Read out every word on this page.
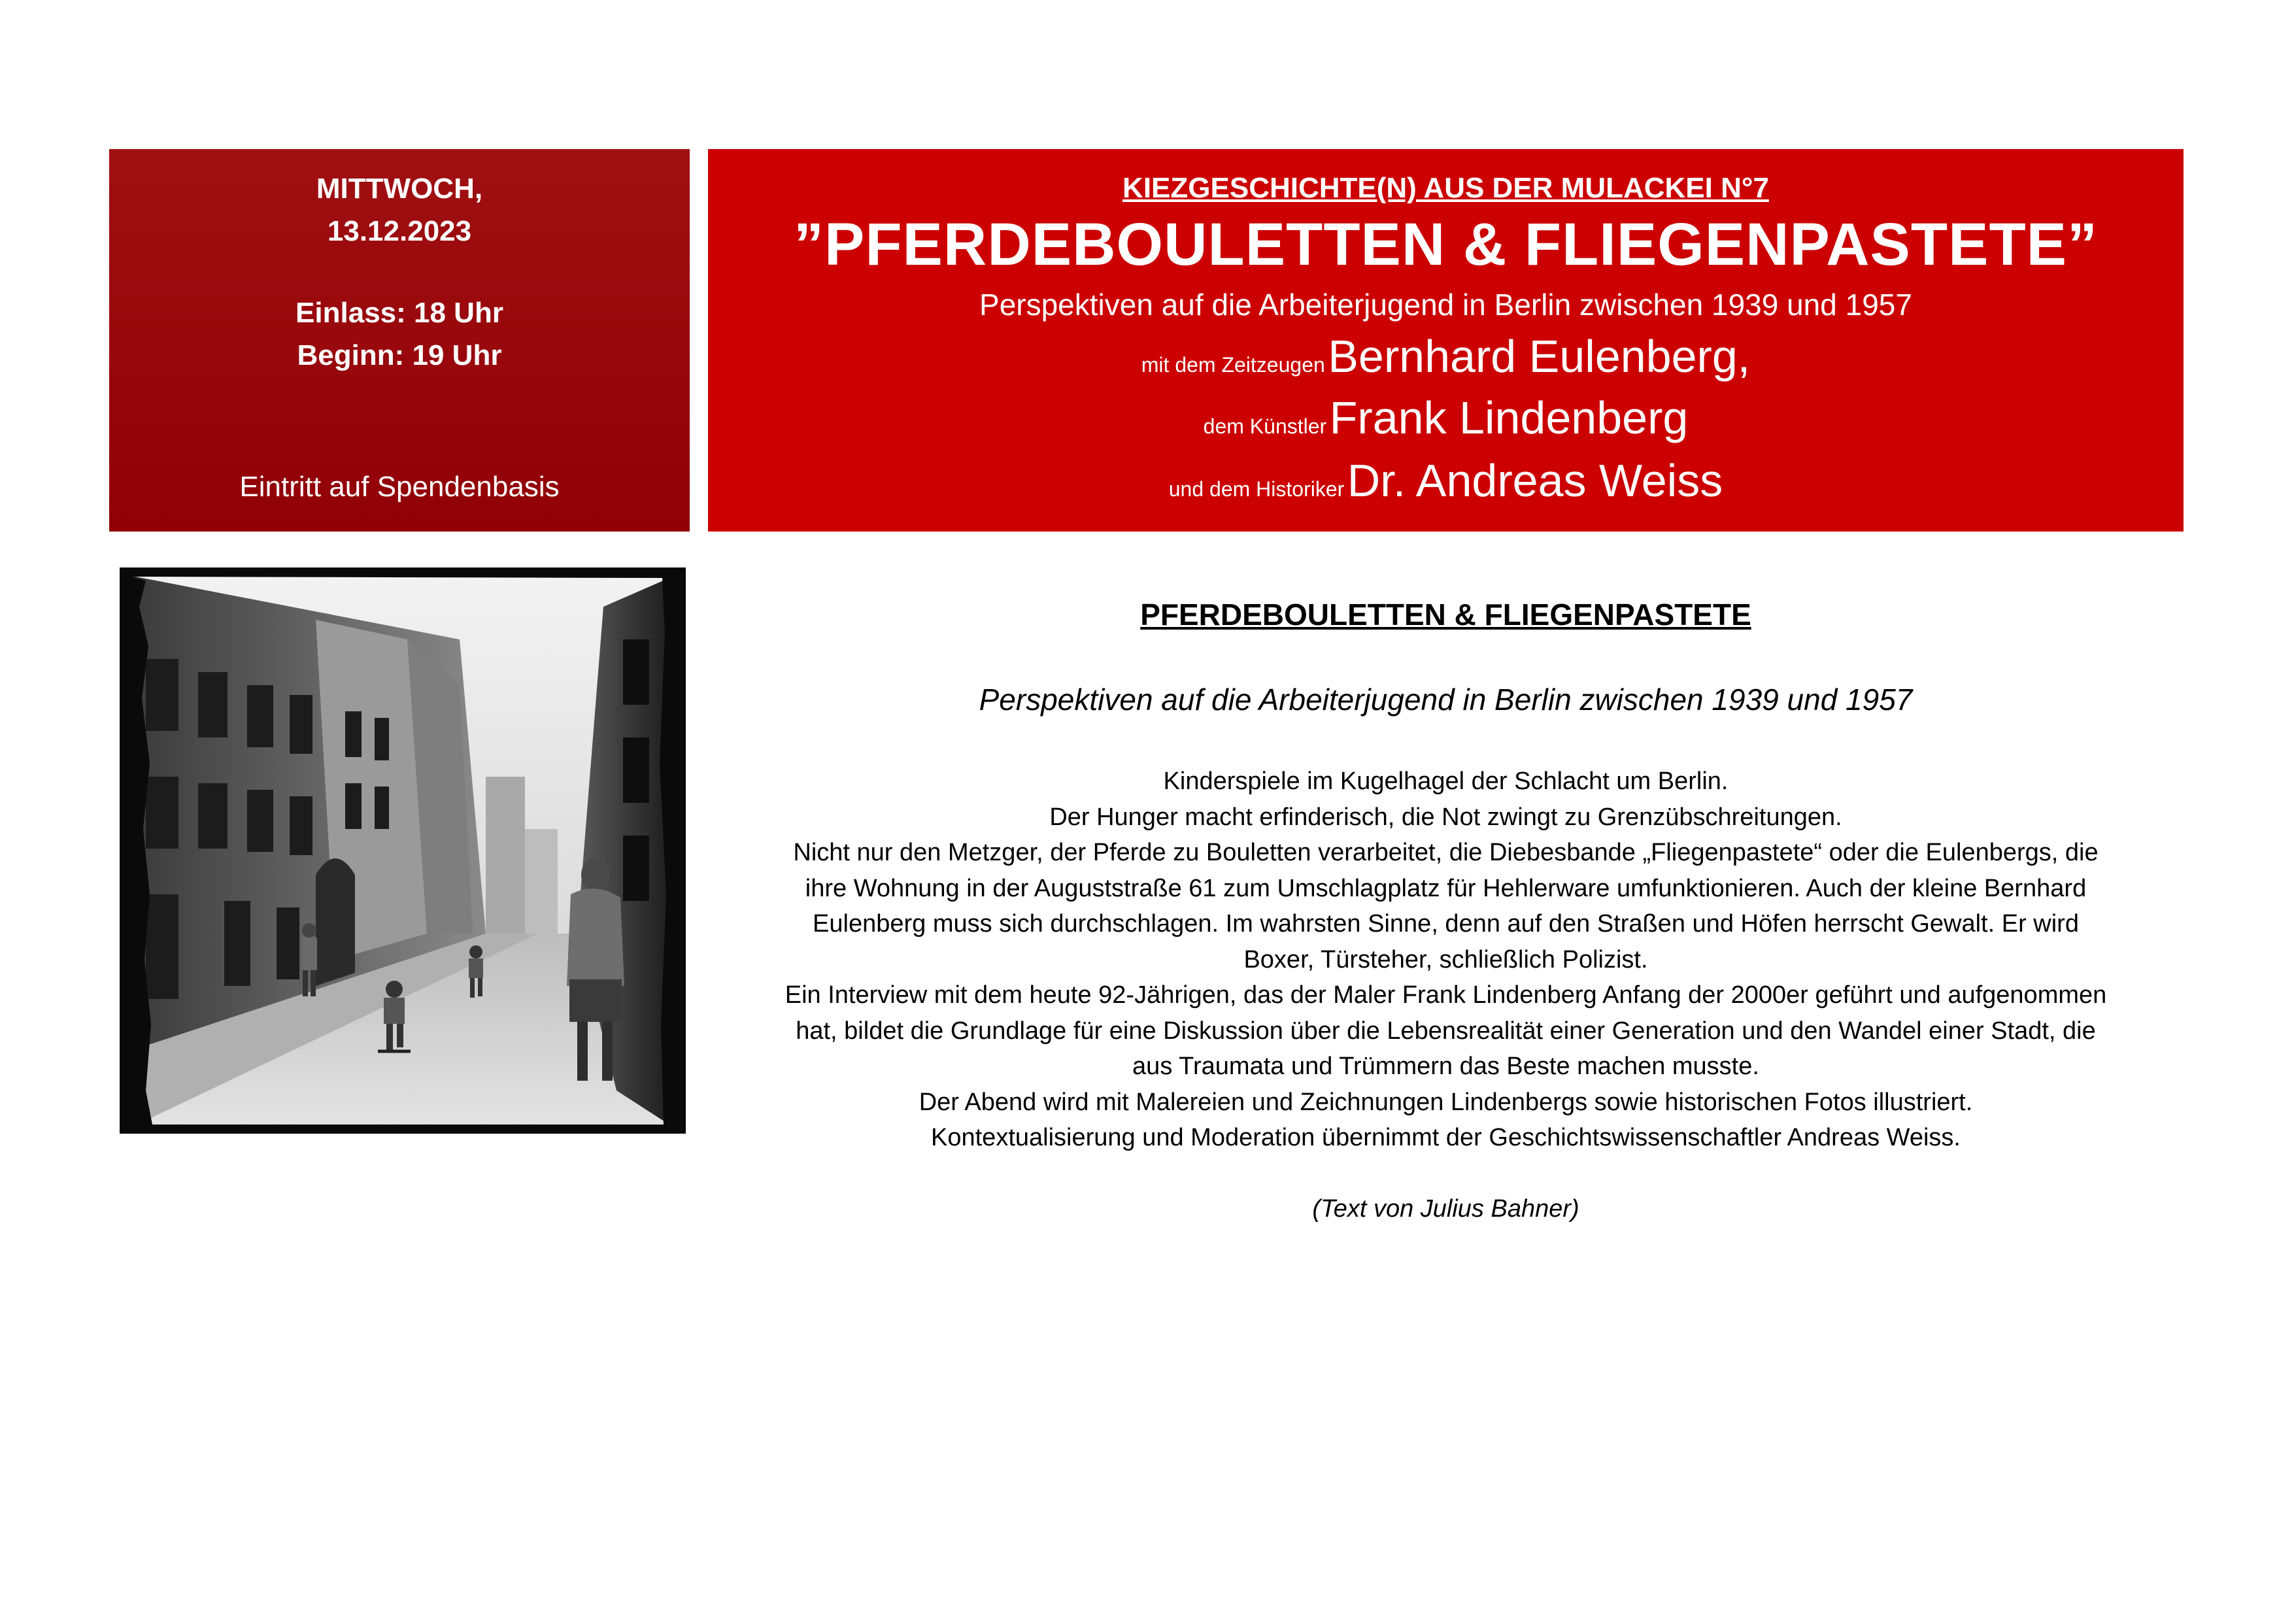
MITTWOCH,
13.12.2023
Einlass: 18 Uhr
Beginn: 19 Uhr
Eintritt auf Spendenbasis
KIEZGESCHICHTE(N) AUS DER MULACKEI N°7
”PFERDEBOULETTEN & FLIEGENPASTETE”
Perspektiven auf die Arbeiterjugend in Berlin zwischen 1939 und 1957
mit dem Zeitzeugen Bernhard Eulenberg,
dem Künstler Frank Lindenberg
und dem Historiker Dr. Andreas Weiss

PFERDEBOULETTEN & FLIEGENPASTETE

Perspektiven auf die Arbeiterjugend in Berlin zwischen 1939 und 1957

Kinderspiele im Kugelhagel der Schlacht um Berlin.
Der Hunger macht erfinderisch, die Not zwingt zu Grenzübschreitungen.
Nicht nur den Metzger, der Pferde zu Bouletten verarbeitet, die Diebesbande „Fliegenpastete“ oder die Eulenbergs, die
ihre Wohnung in der Auguststraße 61 zum Umschlagplatz für Hehlerware umfunktionieren. Auch der kleine Bernhard
Eulenberg muss sich durchschlagen. Im wahrsten Sinne, denn auf den Straßen und Höfen herrscht Gewalt. Er wird
Boxer, Türsteher, schließlich Polizist.
Ein Interview mit dem heute 92-Jährigen, das der Maler Frank Lindenberg Anfang der 2000er geführt und aufgenommen
hat, bildet die Grundlage für eine Diskussion über die Lebensrealität einer Generation und den Wandel einer Stadt, die
aus Traumata und Trümmern das Beste machen musste.
Der Abend wird mit Malereien und Zeichnungen Lindenbergs sowie historischen Fotos illustriert.
Kontextualisierung und Moderation übernimmt der Geschichtswissenschaftler Andreas Weiss.

(Text von Julius Bahner)
